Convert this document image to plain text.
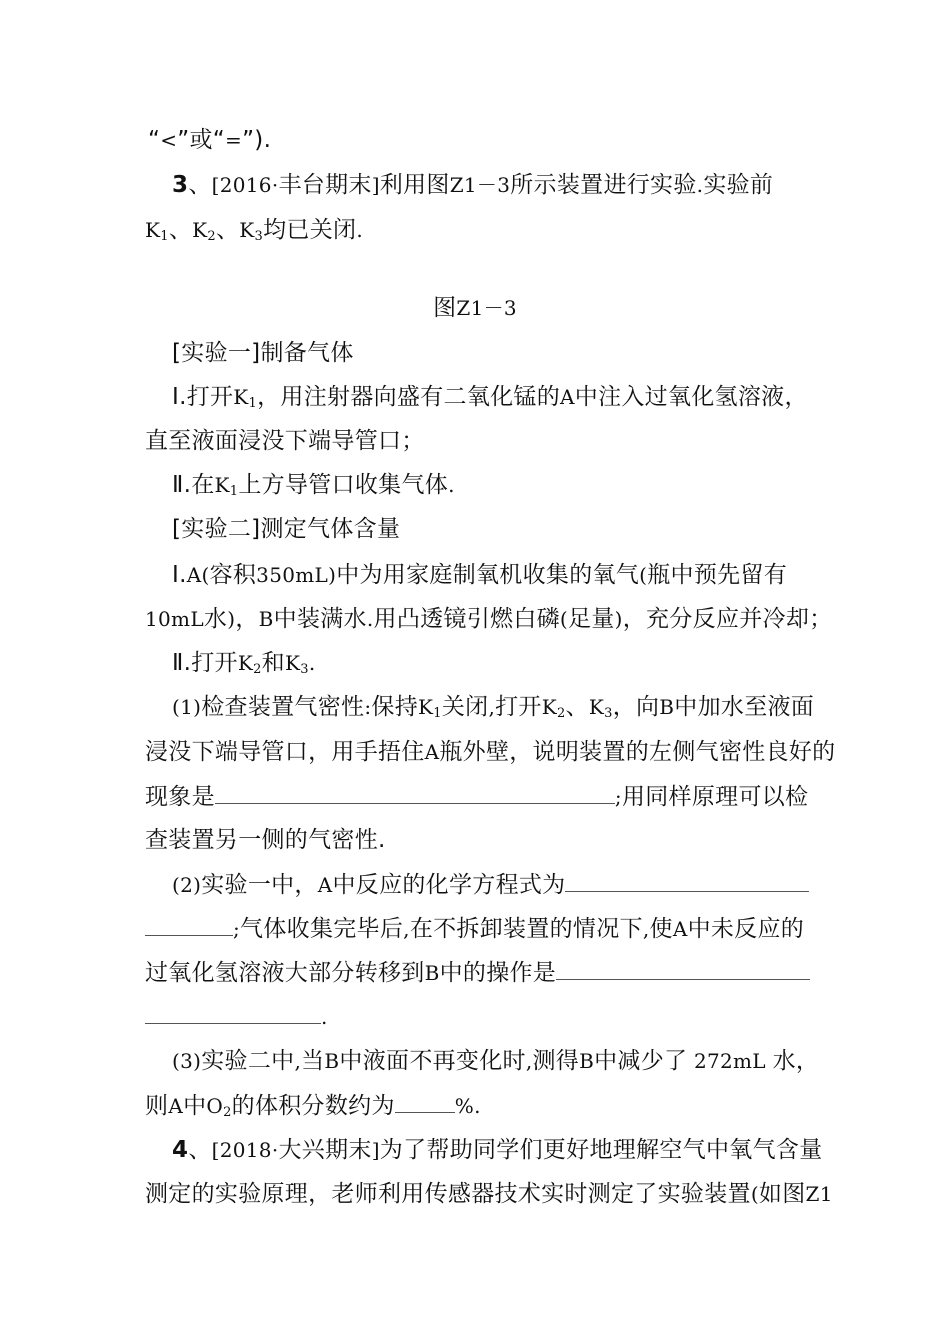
“<”或“=”).
3、[2016·丰台期末]利用图Z1－3所示装置进行实验.实验前
$K_1$、$K_2$、$K_3$均已关闭.
图Z1－3
[实验一]制备气体
Ⅰ.打开$K_1$，用注射器向盛有二氧化锰的A中注入过氧化氢溶液，
直至液面浸没下端导管口；
Ⅱ.在$K_1$上方导管口收集气体.
[实验二]测定气体含量
Ⅰ.A(容积350mL)中为用家庭制氧机收集的氧气(瓶中预先留有
10mL水)，B中装满水.用凸透镜引燃白磷(足量)，充分反应并冷却；
Ⅱ.打开$K_2$和$K_3$.
(1)检查装置气密性:保持$K_1$关闭,打开$K_2$、$K_3$，向B中加水至液面
浸没下端导管口，用手捂住A瓶外壁，说明装置的左侧气密性良好的
现象是	;用同样原理可以检
查装置另一侧的气密性.
(2)实验一中，A中反应的化学方程式为
;气体收集完毕后,在不拆卸装置的情况下,使A中未反应的
过氧化氢溶液大部分转移到B中的操作是
.
(3)实验二中,当B中液面不再变化时,测得B中减少了 272mL 水，
则A中$O_2$的体积分数约为	%.
4、[2018·大兴期末]为了帮助同学们更好地理解空气中氧气含量
测定的实验原理，老师利用传感器技术实时测定了实验装置(如图Z1
